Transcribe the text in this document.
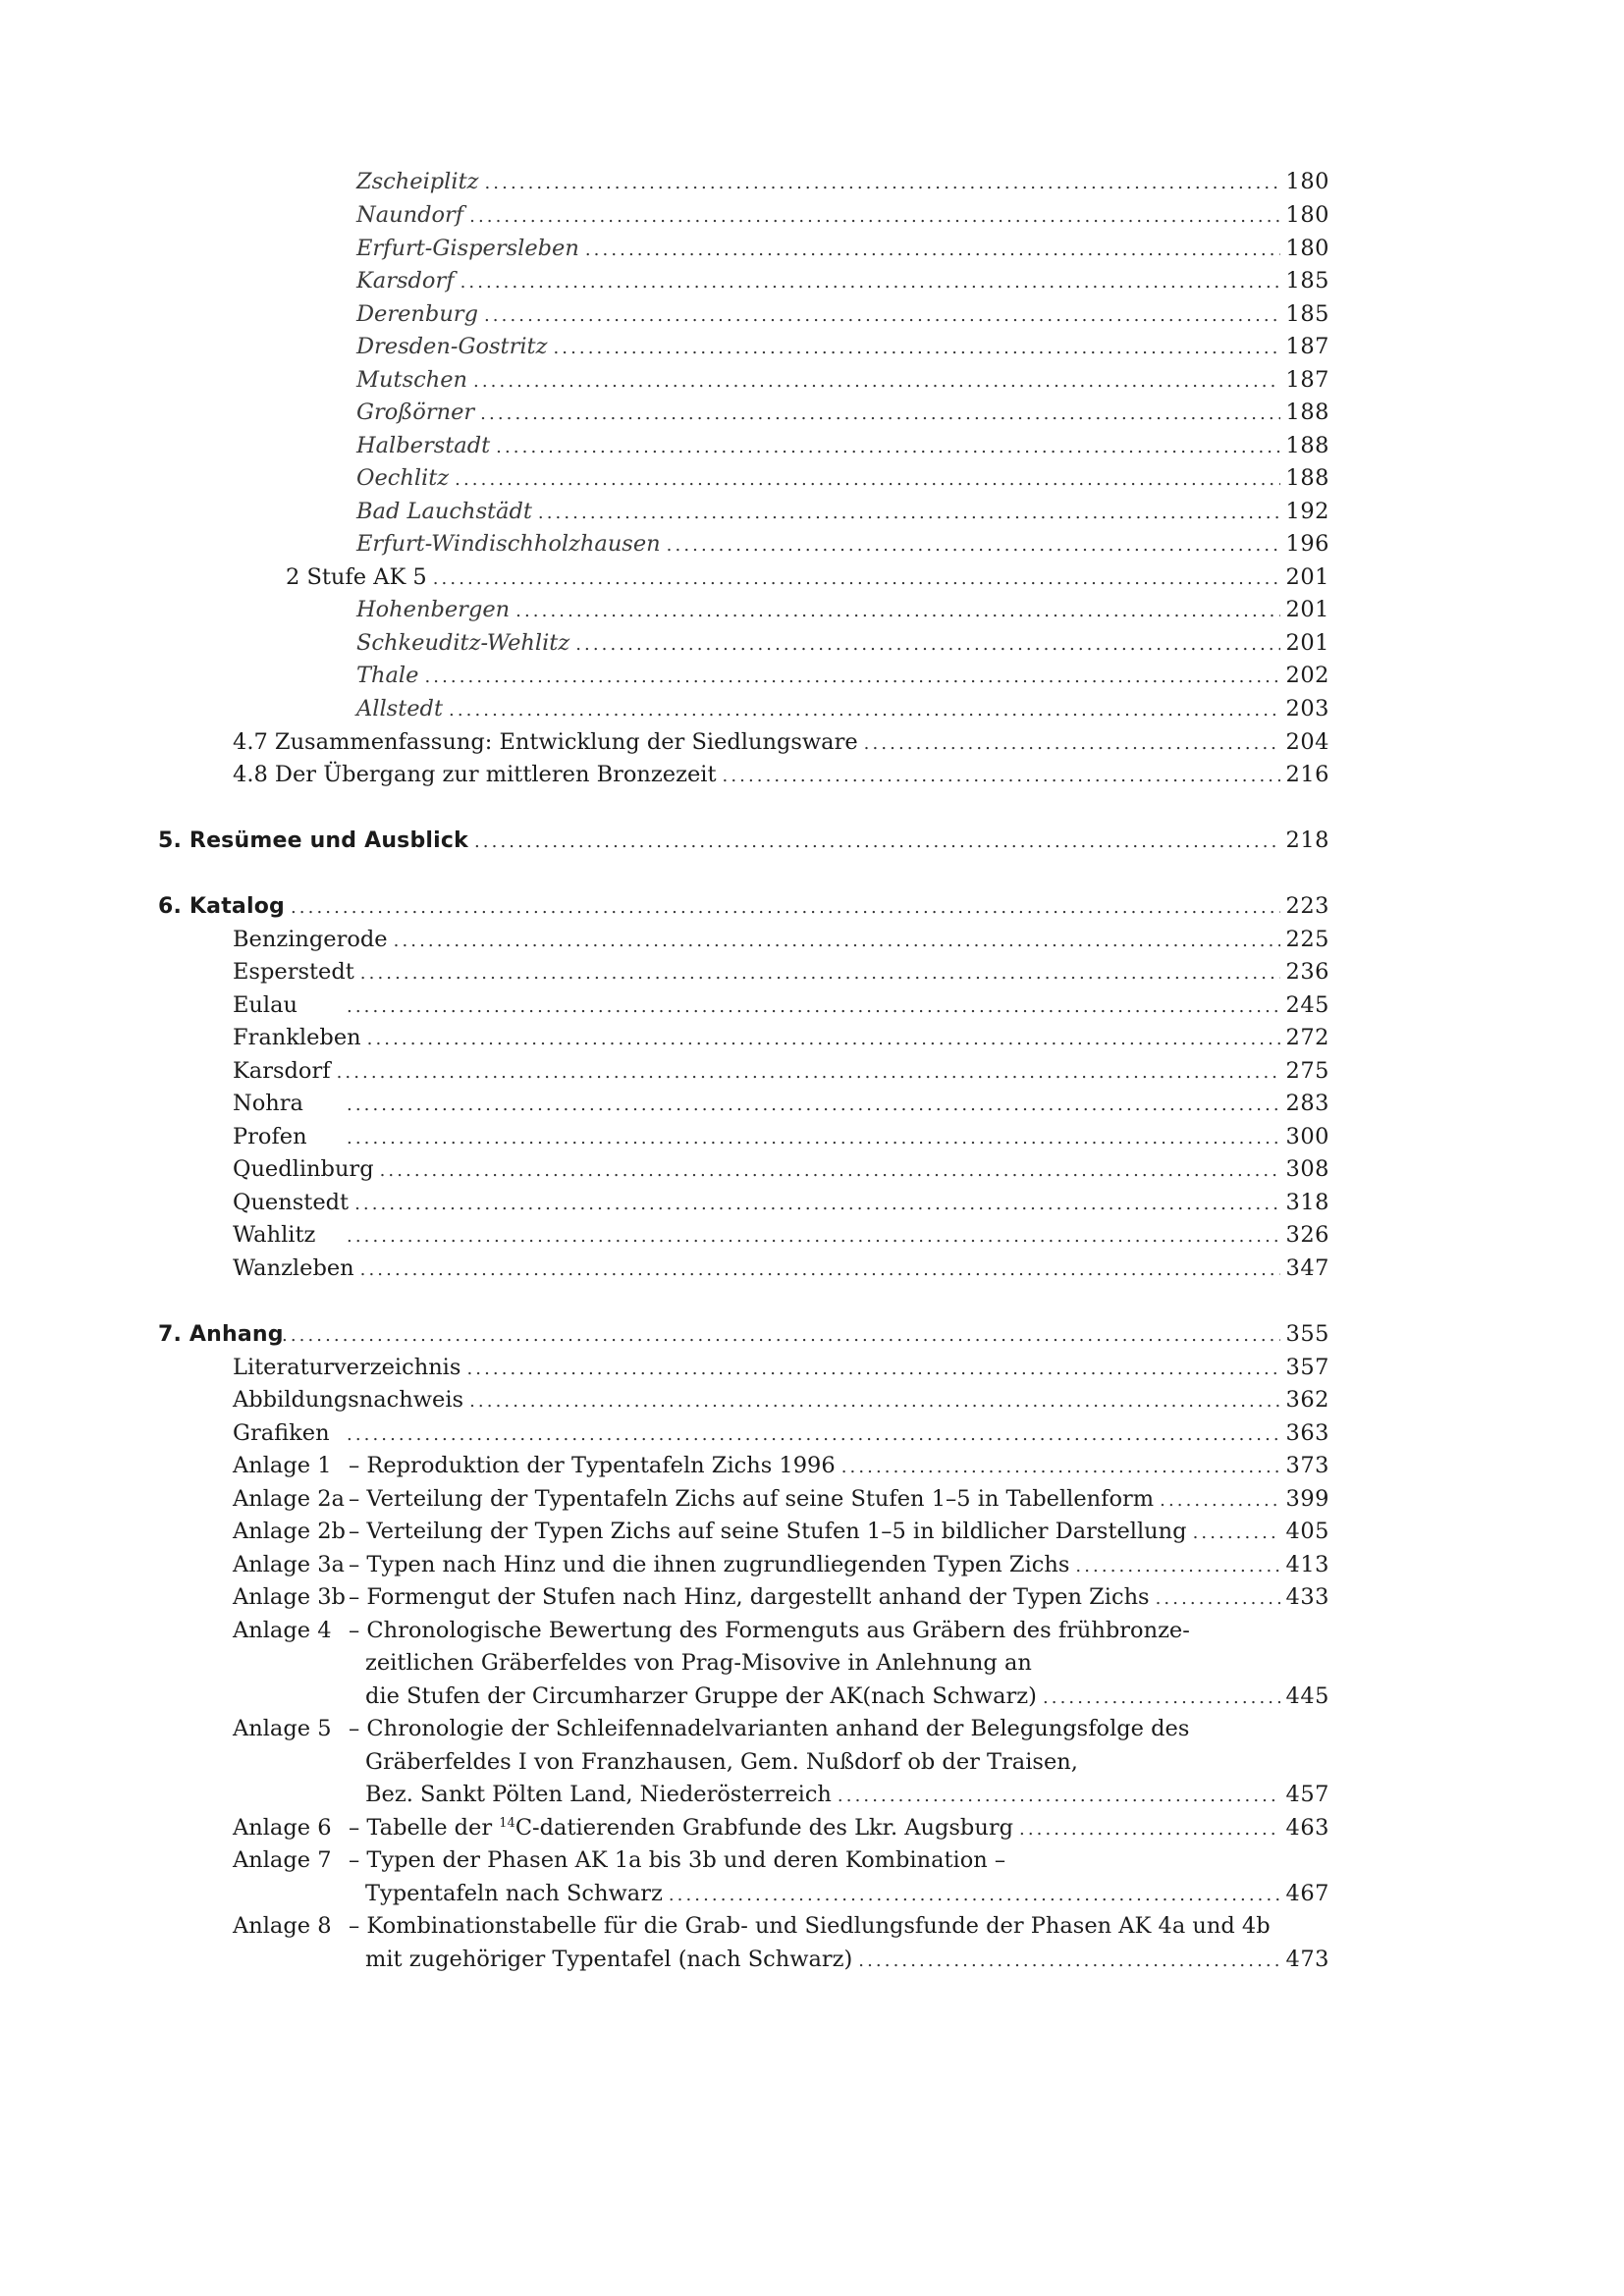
Zscheiplitz .....	180
Naundorf .....	180
Erfurt-Gispersleben .....	180
Karsdorf .....	185
Derenburg .....	185
Dresden-Gostritz .....	187
Mutschen .....	187
Großörner .....	188
Halberstadt .....	188
Oechlitz .....	188
Bad Lauchstädt .....	192
Erfurt-Windischholzhausen .....	196
2 Stufe AK 5 .....	201
Hohenbergen .....	201
Schkeuditz-Wehlitz .....	201
Thale .....	202
Allstedt .....	203
4.7 Zusammenfassung: Entwicklung der Siedlungsware .....	204
4.8 Der Übergang zur mittleren Bronzezeit .....	216
5. Resümee und Ausblick .....	218
6. Katalog .....	223
Benzingerode .....	225
Esperstedt .....	236
Eulau .....	245
Frankleben .....	272
Karsdorf .....	275
Nohra .....	283
Profen .....	300
Quedlinburg .....	308
Quenstedt .....	318
Wahlitz .....	326
Wanzleben .....	347
7. Anhang .....	355
Literaturverzeichnis .....	357
Abbildungsnachweis .....	362
Grafiken .....	363
Anlage 1 – Reproduktion der Typentafeln Zichs 1996 .....	373
Anlage 2a – Verteilung der Typentafeln Zichs auf seine Stufen 1–5 in Tabellenform .....	399
Anlage 2b – Verteilung der Typen Zichs auf seine Stufen 1–5 in bildlicher Darstellung .....	405
Anlage 3a – Typen nach Hinz und die ihnen zugrundliegenden Typen Zichs .....	413
Anlage 3b – Formengut der Stufen nach Hinz, dargestellt anhand der Typen Zichs .....	433
Anlage 4 – Chronologische Bewertung des Formenguts aus Gräbern des frühbronze-
zeitlichen Gräberfeldes von Prag-Misovive in Anlehnung an
die Stufen der Circumharzer Gruppe der AK(nach Schwarz) .....	445
Anlage 5 – Chronologie der Schleifennadelvarianten anhand der Belegungsfolge des
Gräberfeldes I von Franzhausen, Gem. Nußdorf ob der Traisen,
Bez. Sankt Pölten Land, Niederösterreich .....	457
Anlage 6 – Tabelle der $^{14}$C-datierenden Grabfunde des Lkr. Augsburg .....	463
Anlage 7 – Typen der Phasen AK 1a bis 3b und deren Kombination –
Typentafeln nach Schwarz .....	467
Anlage 8 – Kombinationstabelle für die Grab- und Siedlungsfunde der Phasen AK 4a und 4b
mit zugehöriger Typentafel (nach Schwarz) .....	473
